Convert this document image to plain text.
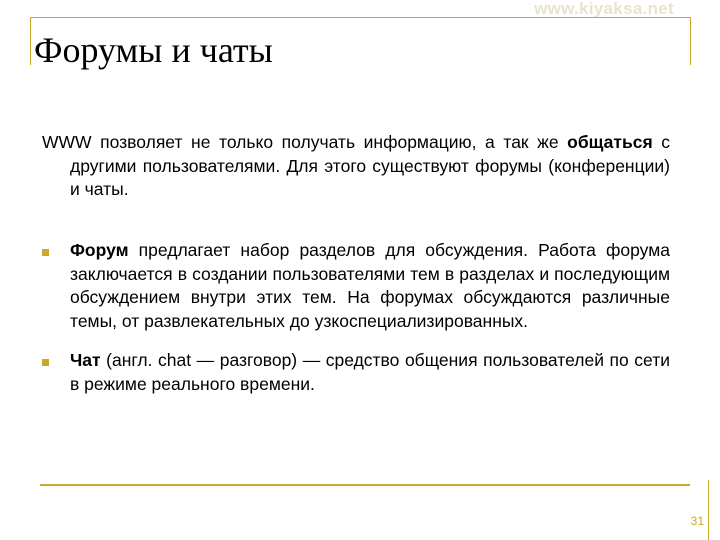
www.kiyaksa.net
Форумы и чаты

WWW позволяет не только получать информацию, а так же общаться с другими пользователями. Для этого существуют форумы (конференции) и чаты.

Форум предлагает набор разделов для обсуждения. Работа форума заключается в создании пользователями тем в разделах и последующим обсуждением внутри этих тем. На форумах обсуждаются различные темы, от развлекательных до узкоспециализированных.
Чат (англ. chat — разговор) — средство общения пользователей по сети в режиме реального времени.
31
